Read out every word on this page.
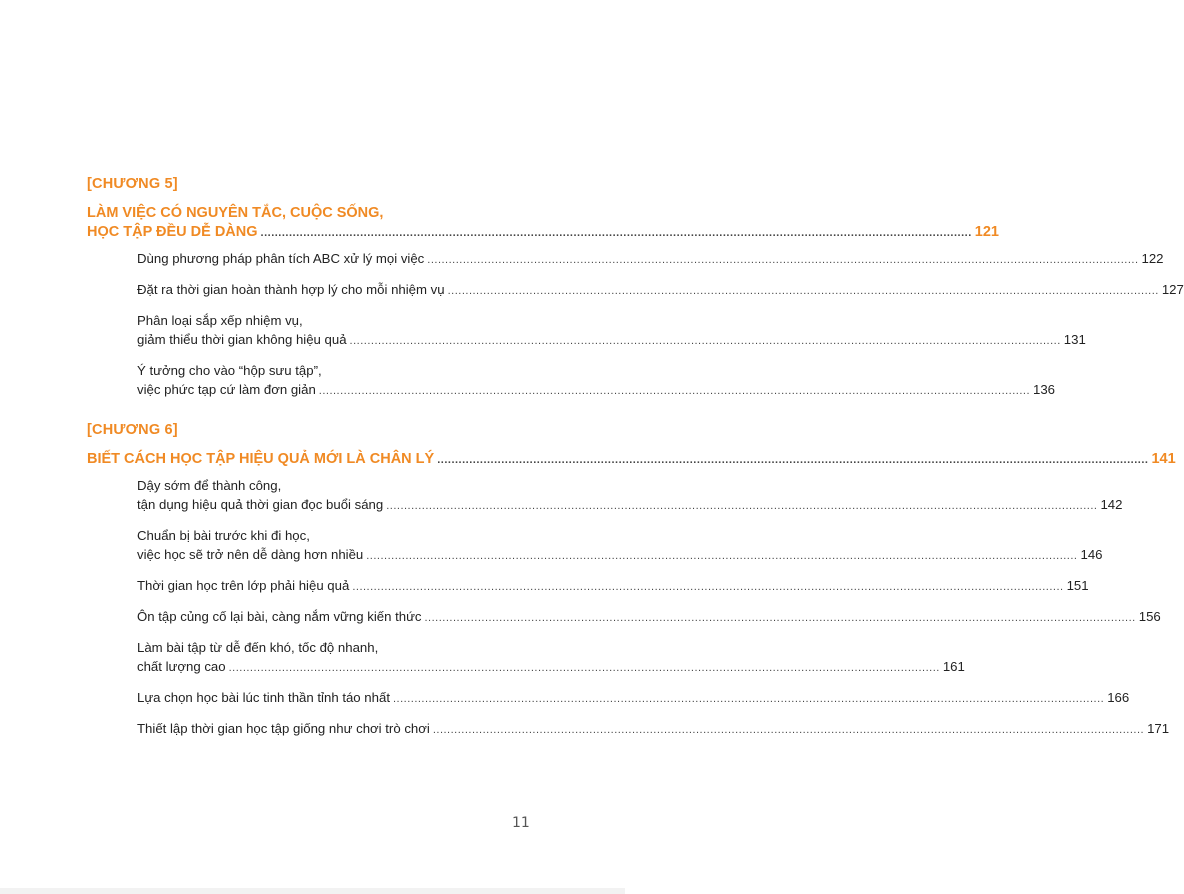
[CHƯƠNG 5]
LÀM VIỆC CÓ NGUYÊN TẮC, CUỘC SỐNG,
HỌC TẬP ĐỀU DỄ DÀNG ........................................................................................................................................................................................................ 121
Dùng phương pháp phân tích ABC xử lý mọi việc ........................................................................................................................................................................................................ 122
Đặt ra thời gian hoàn thành hợp lý cho mỗi nhiệm vụ ........................................................................................................................................................................................................ 127
Phân loại sắp xếp nhiệm vụ,
giảm thiểu thời gian không hiệu quả ........................................................................................................................................................................................................ 131
Ý tưởng cho vào “hộp sưu tập”,
việc phức tạp cứ làm đơn giản ........................................................................................................................................................................................................ 136
[CHƯƠNG 6]
BIẾT CÁCH HỌC TẬP HIỆU QUẢ MỚI LÀ CHÂN LÝ ........................................................................................................................................................................................................ 141
Dậy sớm để thành công,
tận dụng hiệu quả thời gian đọc buổi sáng ........................................................................................................................................................................................................ 142
Chuẩn bị bài trước khi đi học,
việc học sẽ trở nên dễ dàng hơn nhiều ........................................................................................................................................................................................................ 146
Thời gian học trên lớp phải hiệu quả ........................................................................................................................................................................................................ 151
Ôn tập củng cố lại bài, càng nắm vững kiến thức ........................................................................................................................................................................................................ 156
Làm bài tập từ dễ đến khó, tốc độ nhanh,
chất lượng cao ........................................................................................................................................................................................................ 161
Lựa chọn học bài lúc tinh thần tỉnh táo nhất ........................................................................................................................................................................................................ 166
Thiết lập thời gian học tập giống như chơi trò chơi ........................................................................................................................................................................................................ 171
11
